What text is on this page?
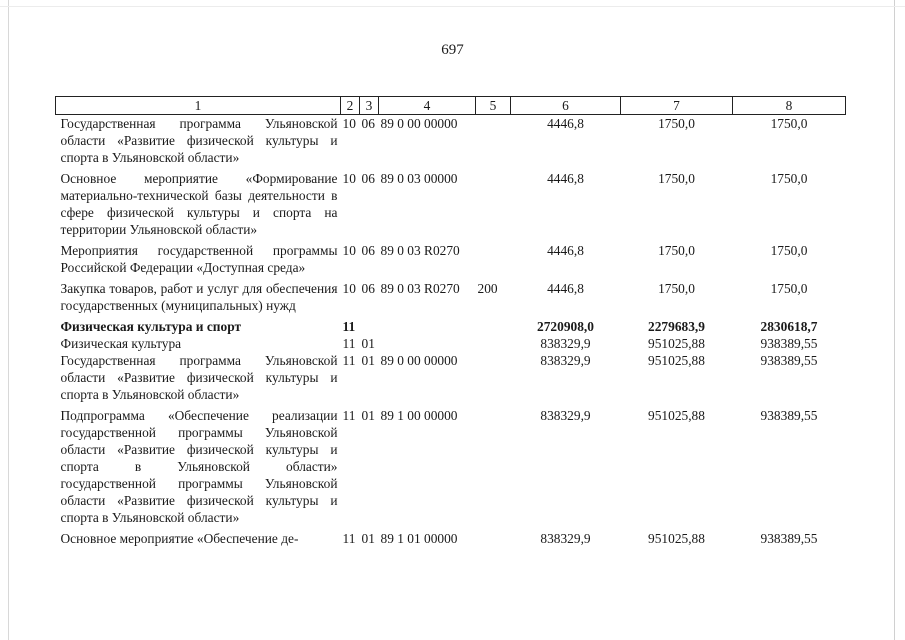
697
1	2	3	4	5	6	7	8
Государственная программа Ульяновской области «Развитие физической культуры и спорта в Ульяновской области»	10	06	89 0 00 00000		4446,8	1750,0	1750,0
Основное мероприятие «Формирование материально-технической базы деятельности в сфере физической культуры и спорта на территории Ульяновской области»	10	06	89 0 03 00000		4446,8	1750,0	1750,0
Мероприятия государственной программы Российской Федерации «Доступная среда»	10	06	89 0 03 R0270		4446,8	1750,0	1750,0
Закупка товаров, работ и услуг для обеспечения государственных (муниципальных) нужд	10	06	89 0 03 R0270	200	4446,8	1750,0	1750,0
Физическая культура и спорт	11				2720908,0	2279683,9	2830618,7
Физическая культура	11	01			838329,9	951025,88	938389,55
Государственная программа Ульяновской области «Развитие физической культуры и спорта в Ульяновской области»	11	01	89 0 00 00000		838329,9	951025,88	938389,55
Подпрограмма «Обеспечение реализации государственной программы Ульяновской области «Развитие физической культуры и спорта в Ульяновской области» государственной программы Ульяновской области «Развитие физической культуры и спорта в Ульяновской области»	11	01	89 1 00 00000		838329,9	951025,88	938389,55
Основное мероприятие «Обеспечение де-	11	01	89 1 01 00000		838329,9	951025,88	938389,55
